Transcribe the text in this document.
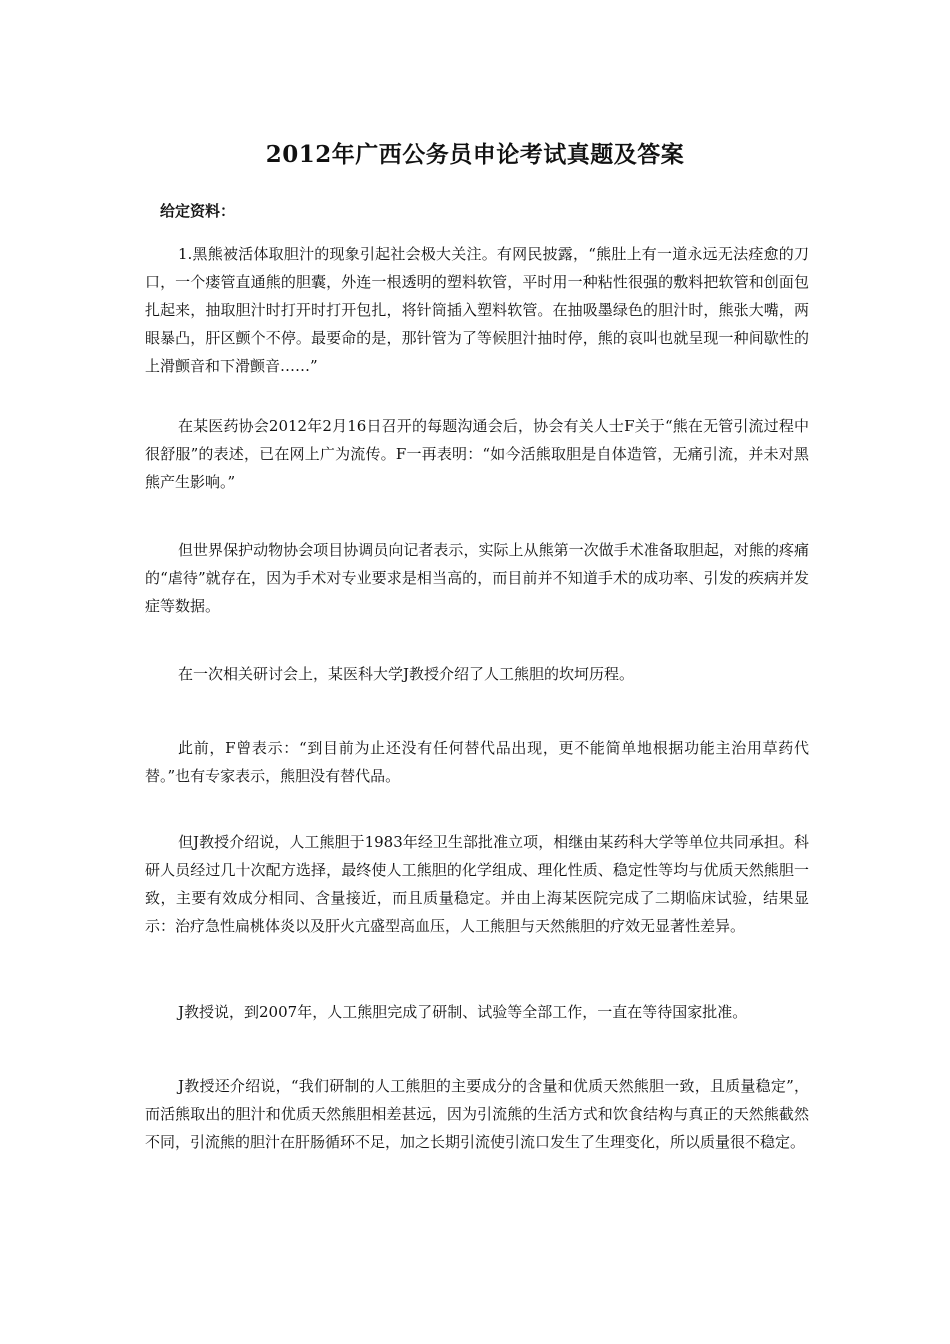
2012年广西公务员申论考试真题及答案

给定资料：

1.黑熊被活体取胆汁的现象引起社会极大关注。有网民披露，“熊肚上有一道永远无法痊愈的刀口，一个瘘管直通熊的胆囊，外连一根透明的塑料软管，平时用一种粘性很强的敷料把软管和创面包扎起来，抽取胆汁时打开时打开包扎，将针筒插入塑料软管。在抽吸墨绿色的胆汁时，熊张大嘴，两眼暴凸，肝区颤个不停。最要命的是，那针管为了等候胆汁抽时停，熊的哀叫也就呈现一种间歇性的上滑颤音和下滑颤音……”

在某医药协会2012年2月16日召开的每题沟通会后，协会有关人士F关于“熊在无管引流过程中很舒服”的表述，已在网上广为流传。F一再表明：“如今活熊取胆是自体造管，无痛引流，并未对黑熊产生影响。”

但世界保护动物协会项目协调员向记者表示，实际上从熊第一次做手术准备取胆起，对熊的疼痛的“虐待”就存在，因为手术对专业要求是相当高的，而目前并不知道手术的成功率、引发的疾病并发症等数据。

在一次相关研讨会上，某医科大学J教授介绍了人工熊胆的坎坷历程。

此前，F曾表示：“到目前为止还没有任何替代品出现，更不能简单地根据功能主治用草药代替。”也有专家表示，熊胆没有替代品。

但J教授介绍说，人工熊胆于1983年经卫生部批准立项，相继由某药科大学等单位共同承担。科研人员经过几十次配方选择，最终使人工熊胆的化学组成、理化性质、稳定性等均与优质天然熊胆一致，主要有效成分相同、含量接近，而且质量稳定。并由上海某医院完成了二期临床试验，结果显示：治疗急性扁桃体炎以及肝火亢盛型高血压，人工熊胆与天然熊胆的疗效无显著性差异。

J教授说，到2007年，人工熊胆完成了研制、试验等全部工作，一直在等待国家批准。

J教授还介绍说，“我们研制的人工熊胆的主要成分的含量和优质天然熊胆一致，且质量稳定”，而活熊取出的胆汁和优质天然熊胆相差甚远，因为引流熊的生活方式和饮食结构与真正的天然熊截然不同，引流熊的胆汁在肝肠循环不足，加之长期引流使引流口发生了生理变化，所以质量很不稳定。
